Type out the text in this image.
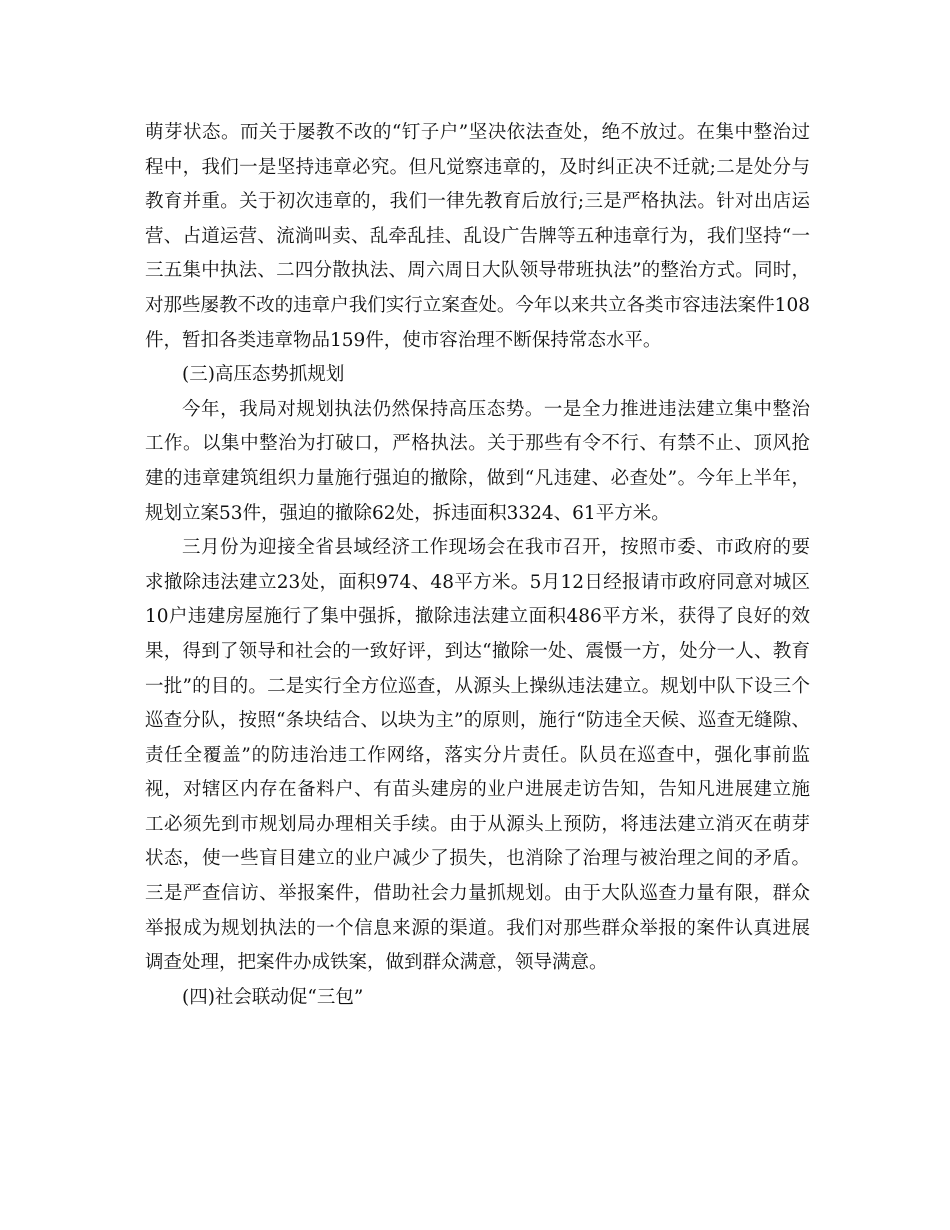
萌芽状态。而关于屡教不改的“钉子户”坚决依法查处，绝不放过。在集中整治过程中，我们一是坚持违章必究。但凡觉察违章的，及时纠正决不迁就;二是处分与教育并重。关于初次违章的，我们一律先教育后放行;三是严格执法。针对出店运营、占道运营、流淌叫卖、乱牵乱挂、乱设广告牌等五种违章行为，我们坚持“一三五集中执法、二四分散执法、周六周日大队领导带班执法”的整治方式。同时，对那些屡教不改的违章户我们实行立案查处。今年以来共立各类市容违法案件108件，暂扣各类违章物品159件，使市容治理不断保持常态水平。

(三)高压态势抓规划

今年，我局对规划执法仍然保持高压态势。一是全力推进违法建立集中整治工作。以集中整治为打破口，严格执法。关于那些有令不行、有禁不止、顶风抢建的违章建筑组织力量施行强迫的撤除，做到“凡违建、必查处”。今年上半年，规划立案53件，强迫的撤除62处，拆违面积3324、61平方米。

三月份为迎接全省县域经济工作现场会在我市召开，按照市委、市政府的要求撤除违法建立23处，面积974、48平方米。5月12日经报请市政府同意对城区10户违建房屋施行了集中强拆，撤除违法建立面积486平方米，获得了良好的效果，得到了领导和社会的一致好评，到达“撤除一处、震慑一方，处分一人、教育一批”的目的。二是实行全方位巡查，从源头上操纵违法建立。规划中队下设三个巡查分队，按照“条块结合、以块为主”的原则，施行“防违全天候、巡查无缝隙、责任全覆盖”的防违治违工作网络，落实分片责任。队员在巡查中，强化事前监视，对辖区内存在备料户、有苗头建房的业户进展走访告知，告知凡进展建立施工必须先到市规划局办理相关手续。由于从源头上预防，将违法建立消灭在萌芽状态，使一些盲目建立的业户减少了损失，也消除了治理与被治理之间的矛盾。三是严查信访、举报案件，借助社会力量抓规划。由于大队巡查力量有限，群众举报成为规划执法的一个信息来源的渠道。我们对那些群众举报的案件认真进展调查处理，把案件办成铁案，做到群众满意，领导满意。

(四)社会联动促“三包”
